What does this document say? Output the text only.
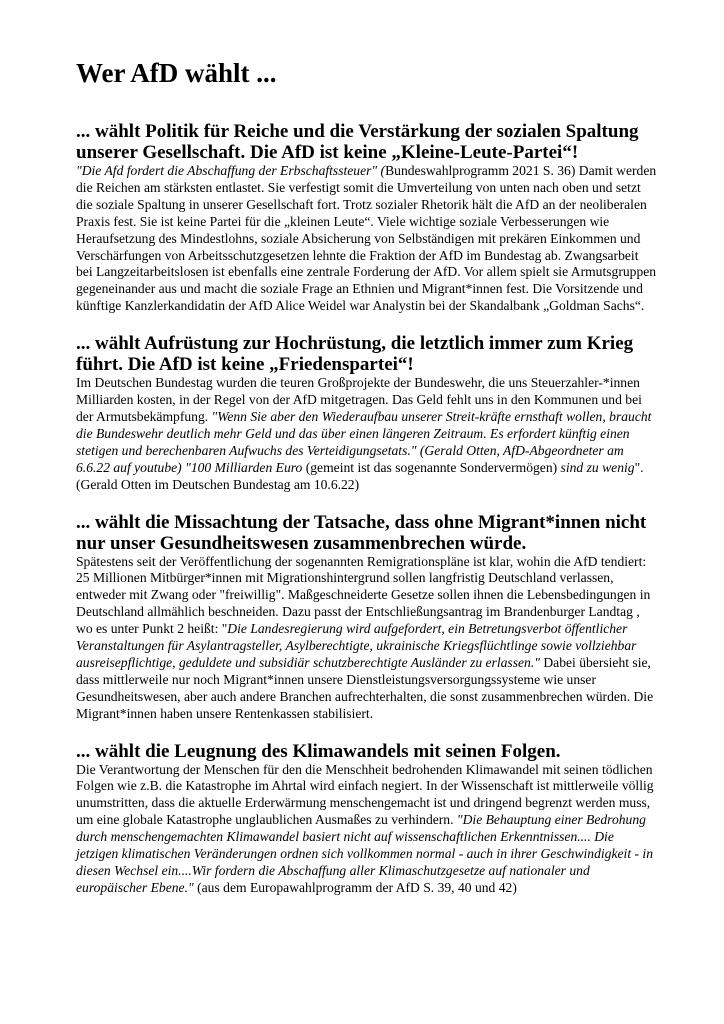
Wer AfD wählt ...
... wählt Politik für Reiche und die Verstärkung der sozialen Spaltung unserer Gesellschaft. Die AfD ist keine „Kleine-Leute-Partei“!

"Die Afd fordert die Abschaffung der Erbschaftssteuer" (Bundeswahlprogramm 2021 S. 36) Damit werden die Reichen am stärksten entlastet. Sie verfestigt somit die Umverteilung von unten nach oben und setzt die soziale Spaltung in unserer Gesellschaft fort. Trotz sozialer Rhetorik hält die AfD an der neoliberalen Praxis fest. Sie ist keine Partei für die „kleinen Leute“. Viele wichtige soziale Verbesserungen wie Heraufsetzung des Mindestlohns, soziale Absicherung von Selbständigen mit prekären Einkommen und Verschärfungen von Arbeitsschutzgesetzen lehnte die Fraktion der AfD im Bundestag ab. Zwangsarbeit bei Langzeitarbeitslosen ist ebenfalls eine zentrale Forderung der AfD. Vor allem spielt sie Armutsgruppen gegeneinander aus und macht die soziale Frage an Ethnien und Migrant*innen fest. Die Vorsitzende und künftige Kanzlerkandidatin der AfD Alice Weidel war Analystin bei der Skandalbank „Goldman Sachs“.

... wählt Aufrüstung zur Hochrüstung, die letztlich immer zum Krieg führt. Die AfD ist keine „Friedenspartei“!

Im Deutschen Bundestag wurden die teuren Großprojekte der Bundeswehr, die uns Steuerzahler-*innen Milliarden kosten, in der Regel von der AfD mitgetragen. Das Geld fehlt uns in den Kommunen und bei der Armutsbekämpfung. "Wenn Sie aber den Wiederaufbau unserer Streit-kräfte ernsthaft wollen, braucht die Bundeswehr deutlich mehr Geld und das über einen längeren Zeitraum. Es erfordert künftig einen stetigen und berechenbaren Aufwuchs des Verteidigungsetats." (Gerald Otten, AfD-Abgeordneter am 6.6.22 auf youtube) "100 Milliarden Euro (gemeint ist das sogenannte Sondervermögen) sind zu wenig". (Gerald Otten im Deutschen Bundestag am 10.6.22)

... wählt die Missachtung der Tatsache, dass ohne Migrant*innen nicht nur unser Gesundheitswesen zusammenbrechen würde.

Spätestens seit der Veröffentlichung der sogenannten Remigrationspläne ist klar, wohin die AfD tendiert: 25 Millionen Mitbürger*innen mit Migrationshintergrund sollen langfristig Deutschland verlassen, entweder mit Zwang oder "freiwillig". Maßgeschneiderte Gesetze sollen ihnen die Lebensbedingungen in Deutschland allmählich beschneiden. Dazu passt der Entschließungsantrag im Brandenburger Landtag , wo es unter Punkt 2 heißt: "Die Landesregierung wird aufgefordert, ein Betretungsverbot öffentlicher Veranstaltungen für Asylantragsteller, Asylberechtigte, ukrainische Kriegsflüchtlinge sowie vollziehbar ausreisepflichtige, geduldete und subsidiär schutzberechtigte Ausländer zu erlassen." Dabei übersieht sie, dass mittlerweile nur noch Migrant*innen unsere Dienstleistungsversorgungssysteme wie unser Gesundheitswesen, aber auch andere Branchen aufrechterhalten, die sonst zusammenbrechen würden. Die Migrant*innen haben unsere Rentenkassen stabilisiert.

... wählt die Leugnung des Klimawandels mit seinen Folgen.

Die Verantwortung der Menschen für den die Menschheit bedrohenden Klimawandel mit seinen tödlichen Folgen wie z.B. die Katastrophe im Ahrtal wird einfach negiert. In der Wissenschaft ist mittlerweile völlig unumstritten, dass die aktuelle Erderwärmung menschengemacht ist und dringend begrenzt werden muss, um eine globale Katastrophe unglaublichen Ausmaßes zu verhindern. "Die Behauptung einer Bedrohung durch menschengemachten Klimawandel basiert nicht auf wissenschaftlichen Erkenntnissen.... Die jetzigen klimatischen Veränderungen ordnen sich vollkommen normal - auch in ihrer Geschwindigkeit - in diesen Wechsel ein....Wir fordern die Abschaffung aller Klimaschutzgesetze auf nationaler und europäischer Ebene." (aus dem Europawahlprogramm der AfD S. 39, 40 und 42)
